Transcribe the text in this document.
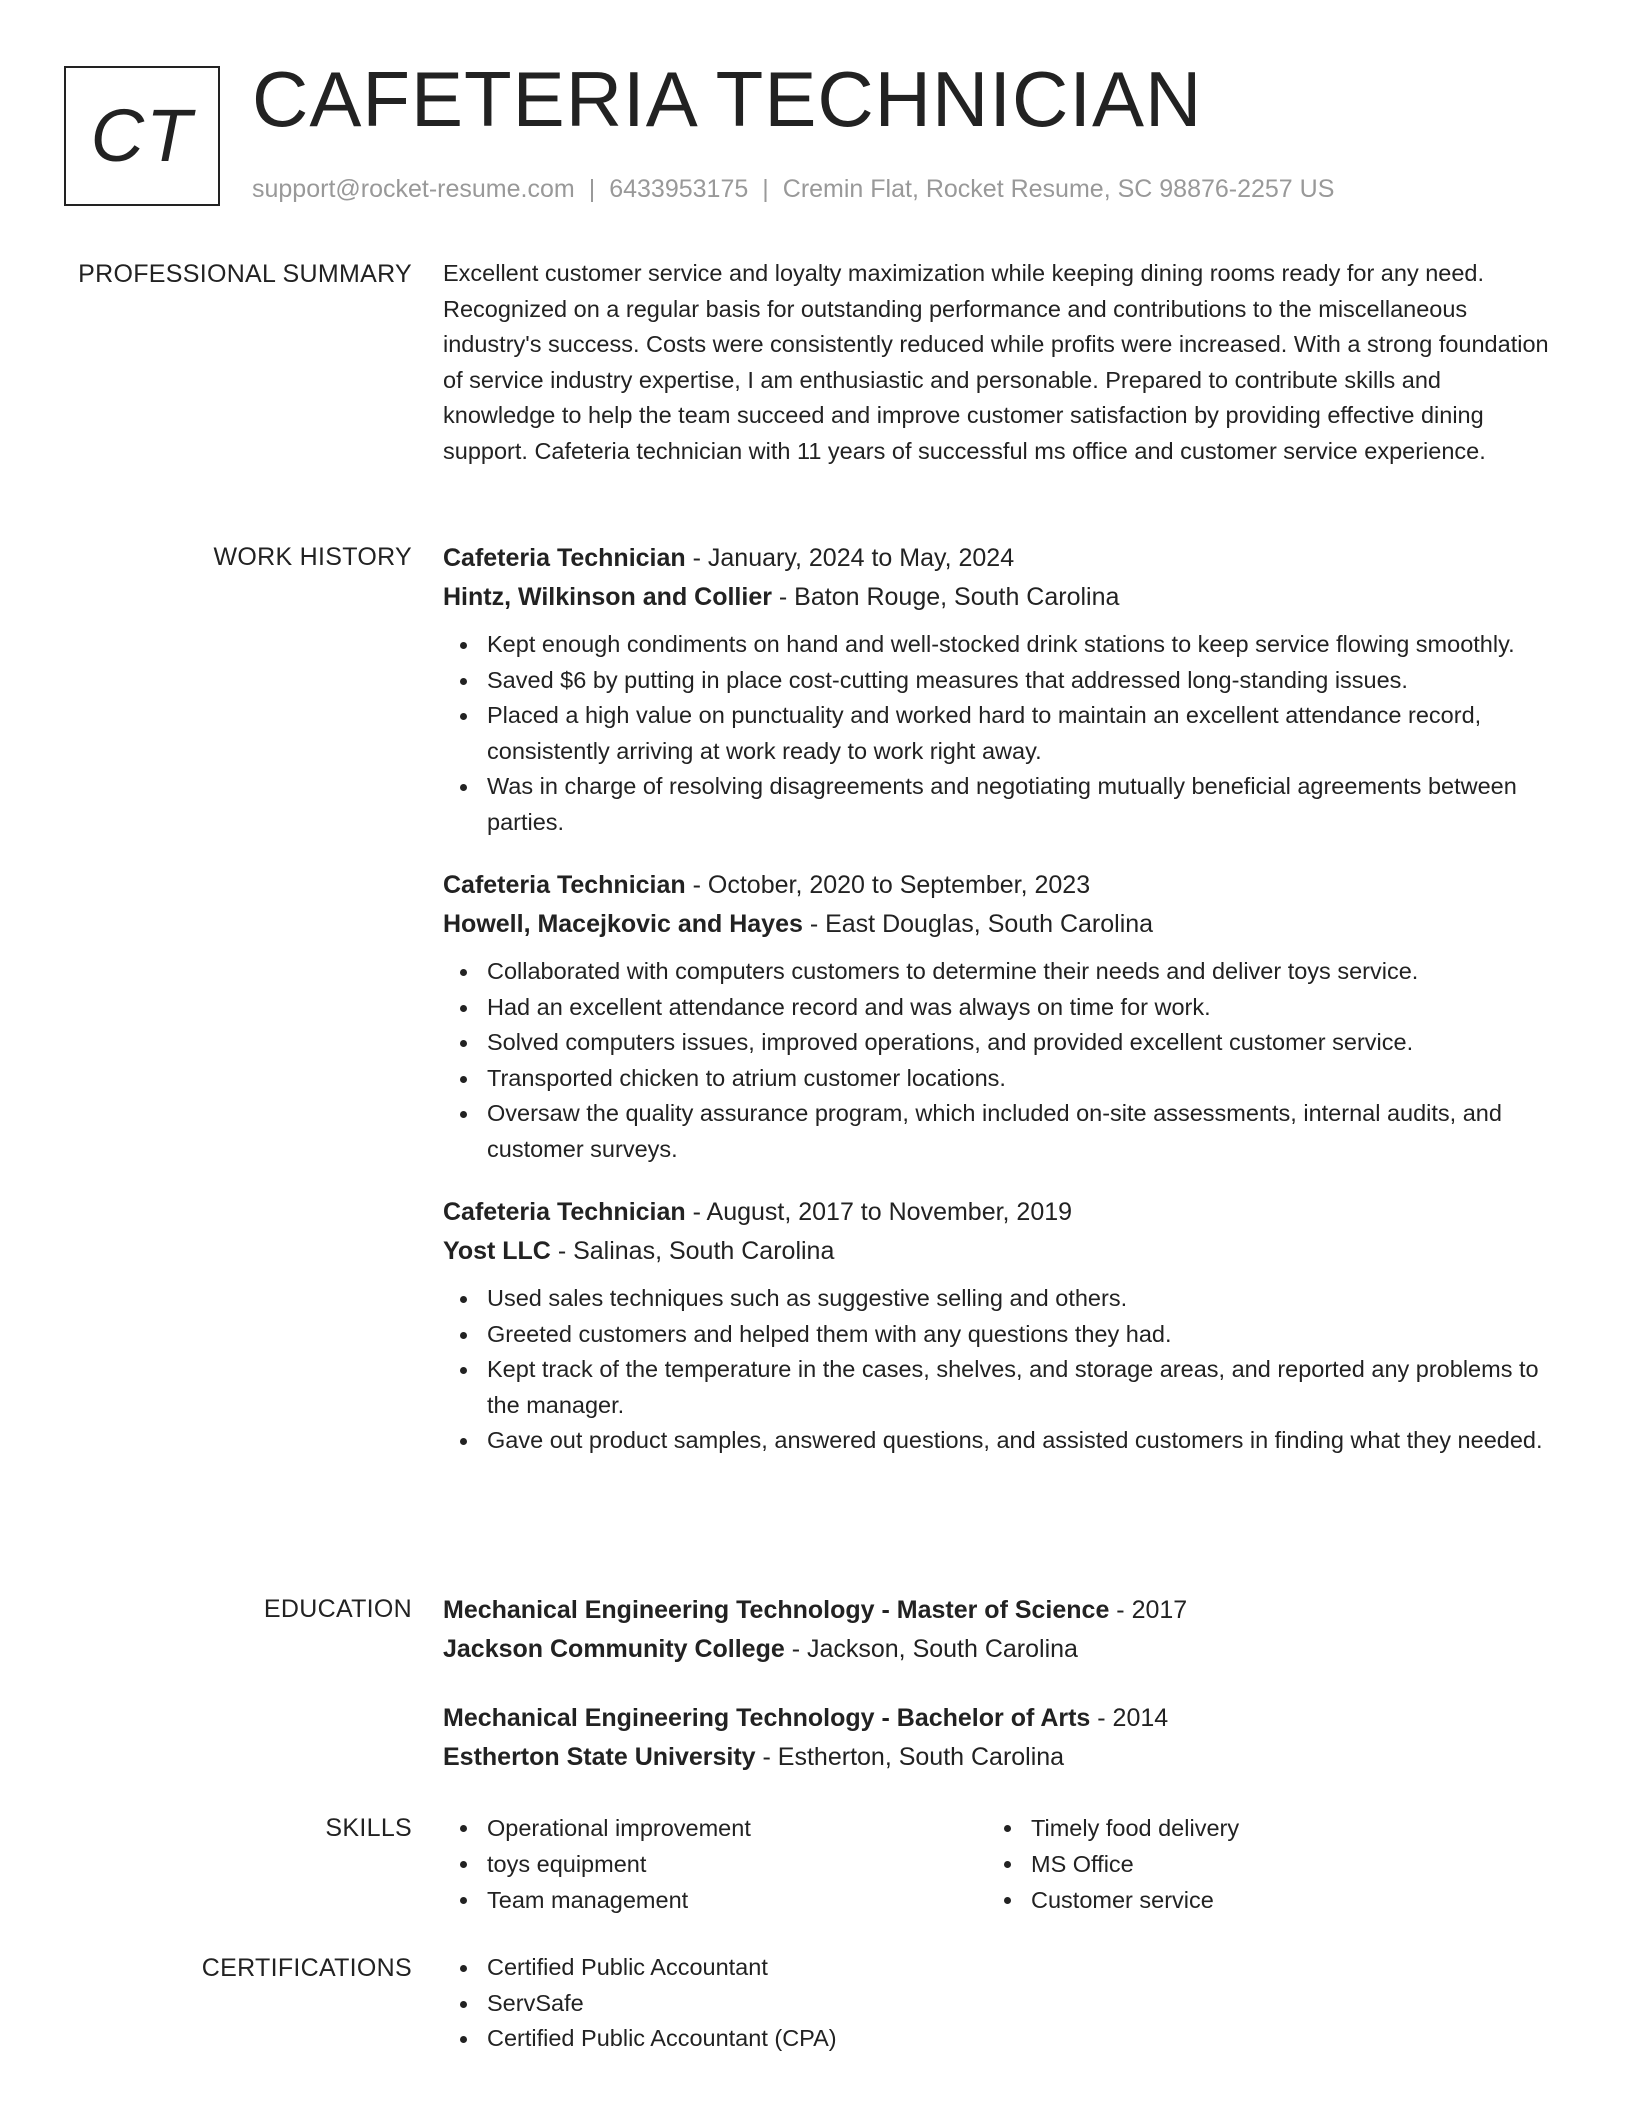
CT CAFETERIA TECHNICIAN
support@rocket-resume.com | 6433953175 | Cremin Flat, Rocket Resume, SC 98876-2257 US
PROFESSIONAL SUMMARY Excellent customer service and loyalty maximization while keeping dining rooms ready for any need. Recognized on a regular basis for outstanding performance and contributions to the miscellaneous industry's success. Costs were consistently reduced while profits were increased. With a strong foundation of service industry expertise, I am enthusiastic and personable. Prepared to contribute skills and knowledge to help the team succeed and improve customer satisfaction by providing effective dining support. Cafeteria technician with 11 years of successful ms office and customer service experience.

WORK HISTORY Cafeteria Technician - January, 2024 to May, 2024
Hintz, Wilkinson and Collier - Baton Rouge, South Carolina
Kept enough condiments on hand and well-stocked drink stations to keep service flowing smoothly.
Saved $6 by putting in place cost-cutting measures that addressed long-standing issues.
Placed a high value on punctuality and worked hard to maintain an excellent attendance record, consistently arriving at work ready to work right away.
Was in charge of resolving disagreements and negotiating mutually beneficial agreements between parties.
Cafeteria Technician - October, 2020 to September, 2023
Howell, Macejkovic and Hayes - East Douglas, South Carolina
Collaborated with computers customers to determine their needs and deliver toys service.
Had an excellent attendance record and was always on time for work.
Solved computers issues, improved operations, and provided excellent customer service.
Transported chicken to atrium customer locations.
Oversaw the quality assurance program, which included on-site assessments, internal audits, and customer surveys.
Cafeteria Technician - August, 2017 to November, 2019
Yost LLC - Salinas, South Carolina
Used sales techniques such as suggestive selling and others.
Greeted customers and helped them with any questions they had.
Kept track of the temperature in the cases, shelves, and storage areas, and reported any problems to the manager.
Gave out product samples, answered questions, and assisted customers in finding what they needed.
EDUCATION Mechanical Engineering Technology - Master of Science - 2017
Jackson Community College - Jackson, South Carolina
Mechanical Engineering Technology - Bachelor of Arts - 2014
Estherton State University - Estherton, South Carolina
SKILLS	Operational improvement
toys equipment
Team management
Timely food delivery
MS Office
Customer service
CERTIFICATIONS	Certified Public Accountant
ServSafe
Certified Public Accountant (CPA)
